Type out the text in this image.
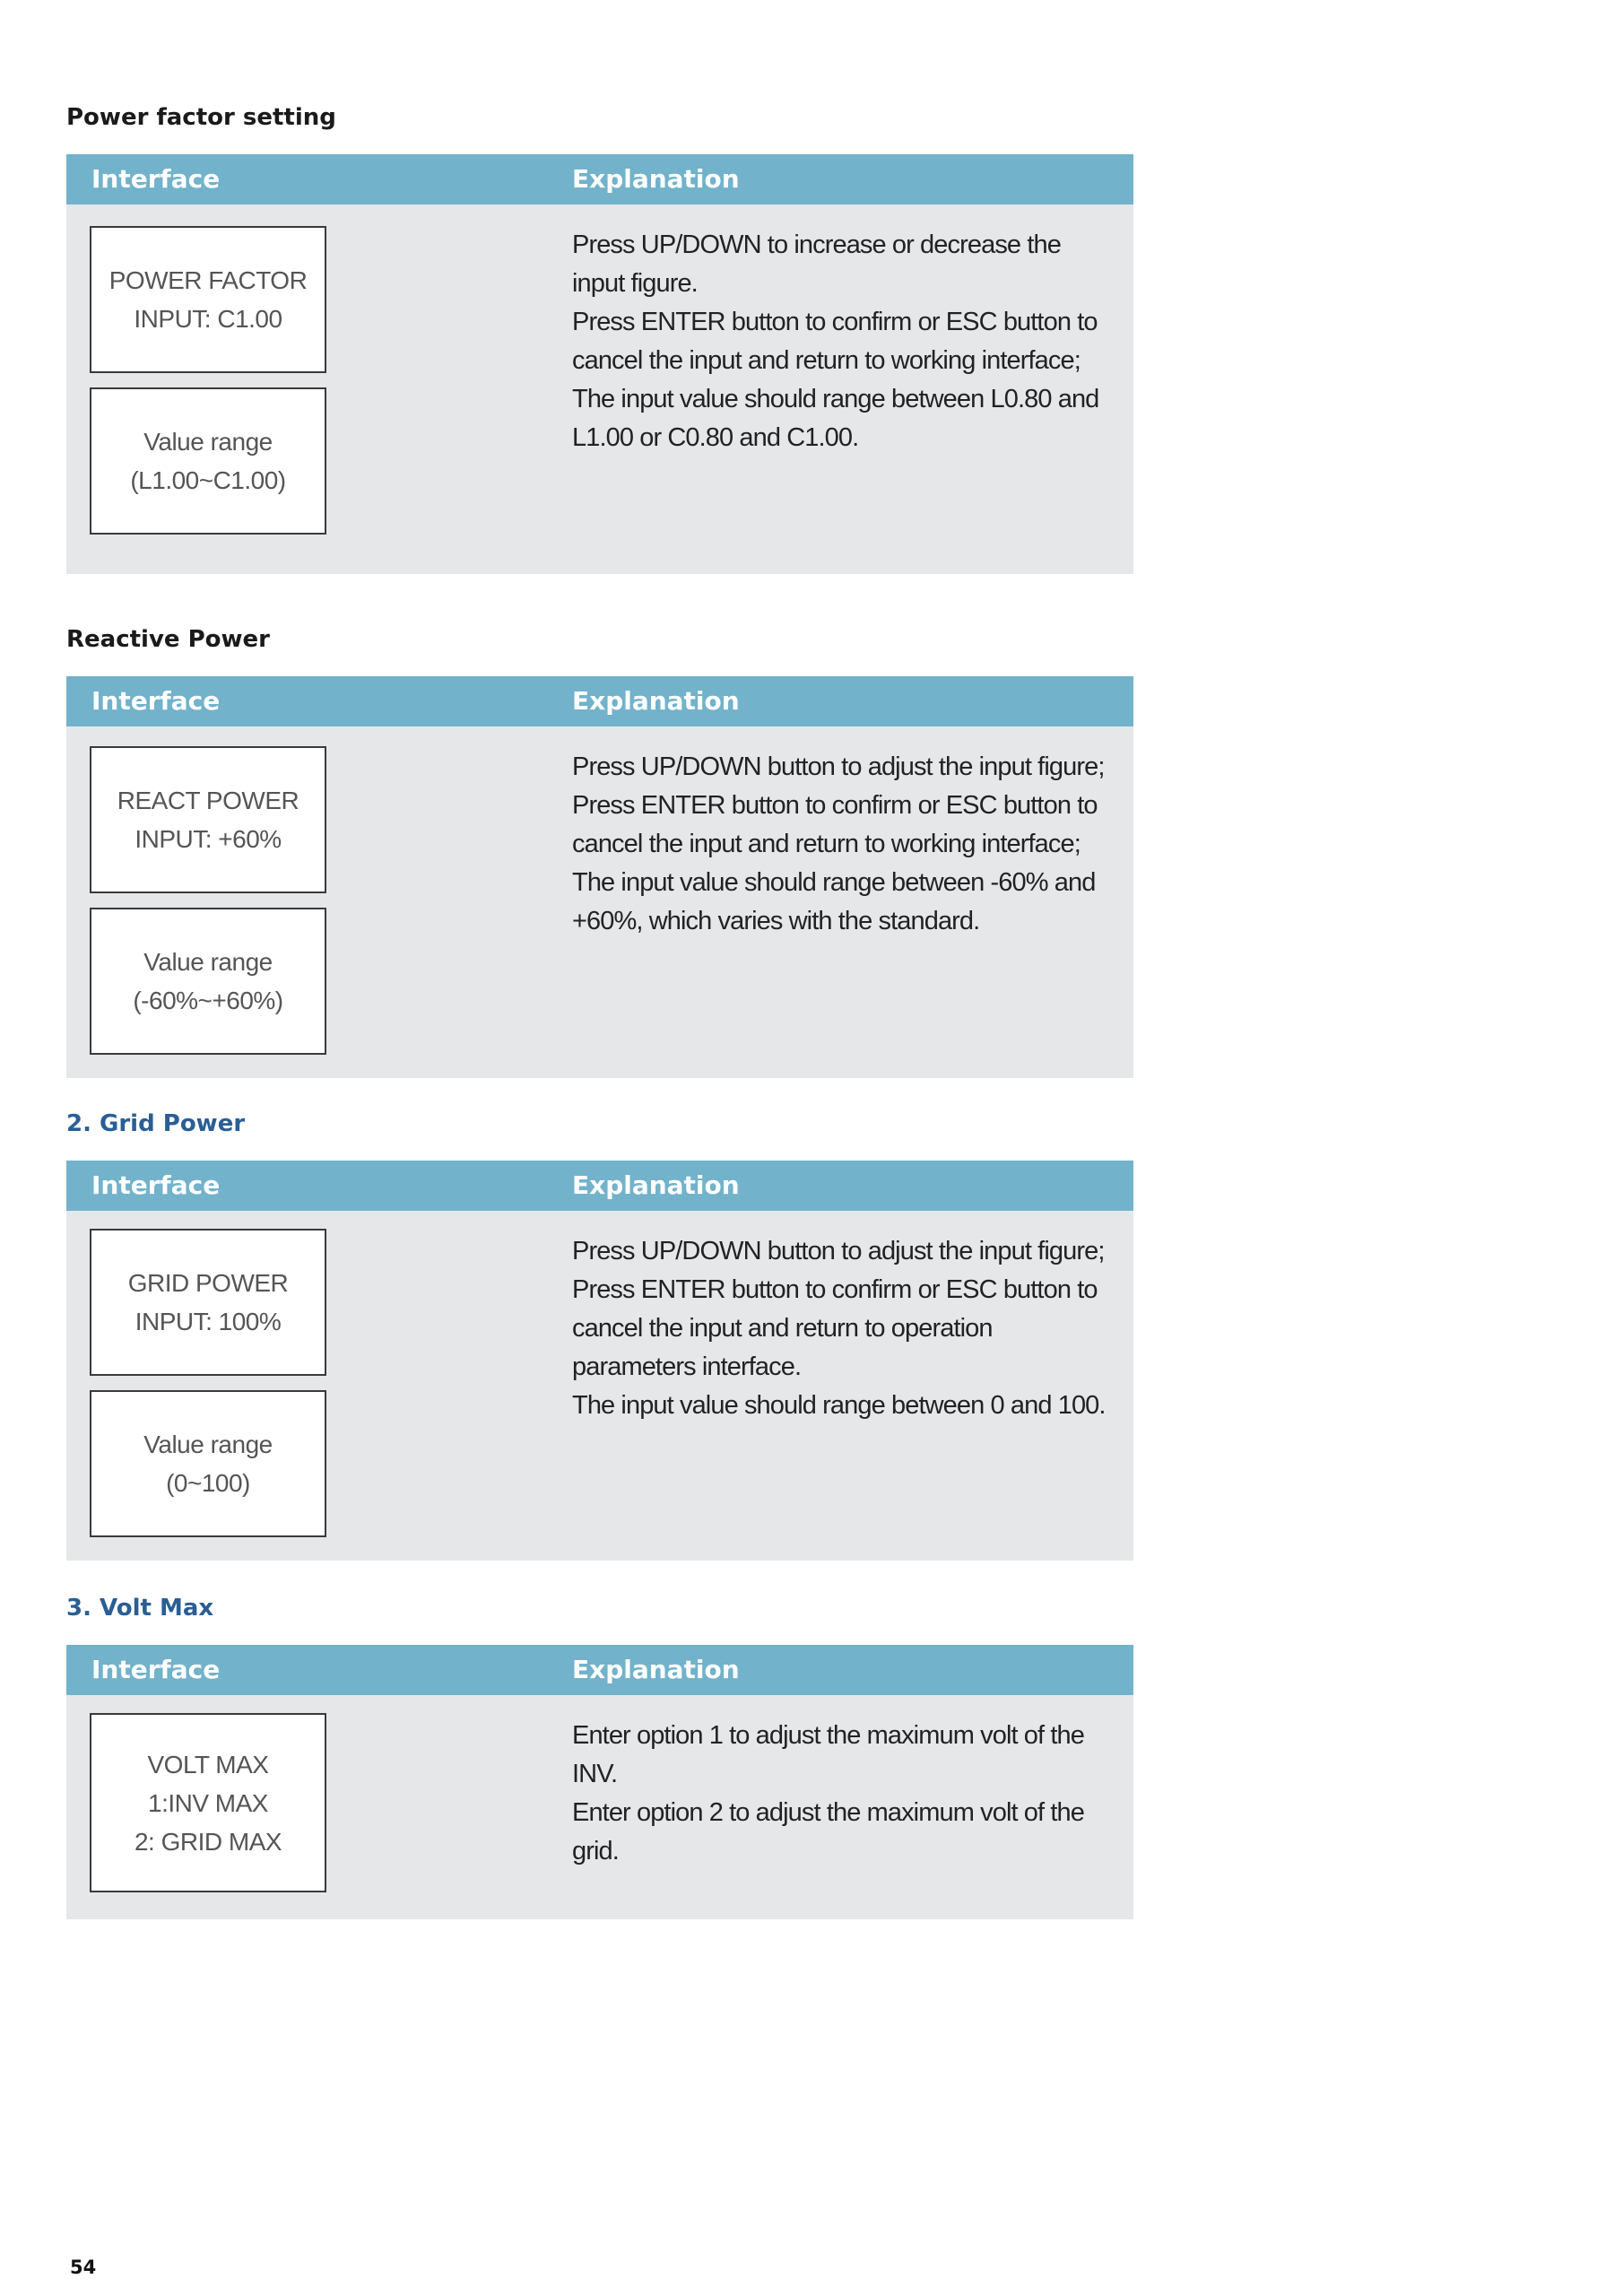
Power factor setting
Interface	Explanation
POWER FACTOR
INPUT: C1.00
Value range
(L1.00~C1.00)

Press UP/DOWN to increase or decrease the input figure.
Press ENTER button to confirm or ESC button to cancel the input and return to working interface; The input value should range between L0.80 and L1.00 or C0.80 and C1.00.

Reactive Power
Interface	Explanation
REACT POWER
INPUT: +60%
Value range
(-60%~+60%)

Press UP/DOWN button to adjust the input figure; Press ENTER button to confirm or ESC button to cancel the input and return to working interface; The input value should range between -60% and +60%, which varies with the standard.

2. Grid Power
Interface	Explanation
GRID POWER
INPUT: 100%
Value range
(0~100)

Press UP/DOWN button to adjust the input figure; Press ENTER button to confirm or ESC button to cancel the input and return to operation parameters interface.
The input value should range between 0 and 100.

3. Volt Max
Interface	Explanation
VOLT MAX
1:INV MAX
2: GRID MAX

Enter option 1 to adjust the maximum volt of the INV.
Enter option 2 to adjust the maximum volt of the grid.

54
